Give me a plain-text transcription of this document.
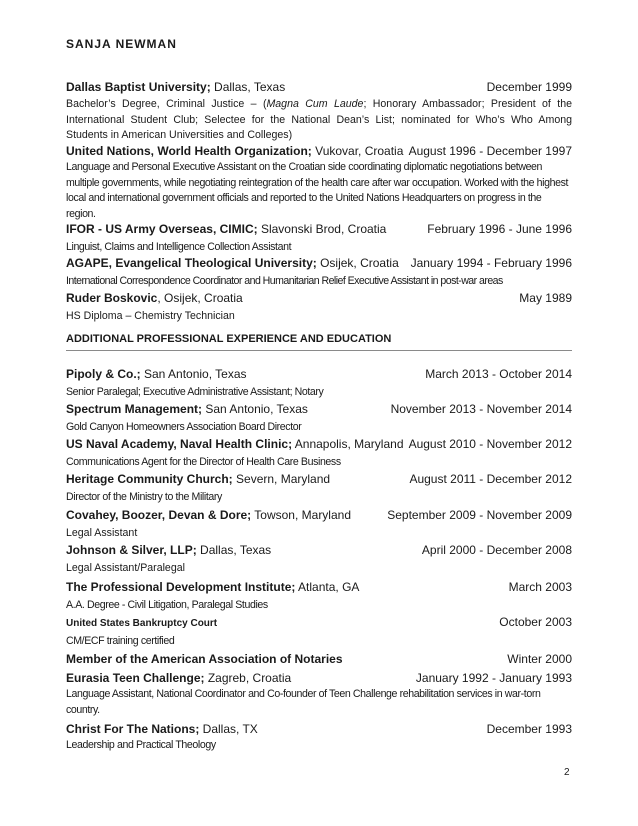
SANJA NEWMAN
Dallas Baptist University; Dallas, Texas	December 1999
Bachelor’s Degree, Criminal Justice – (Magna Cum Laude; Honorary Ambassador; President of the International Student Club; Selectee for the National Dean’s List; nominated for Who’s Who Among Students in American Universities and Colleges)
United Nations, World Health Organization; Vukovar, Croatia August 1996 - December 1997
Language and Personal Executive Assistant on the Croatian side coordinating diplomatic negotiations between multiple governments, while negotiating reintegration of the health care after war occupation. Worked with the highest local and international government officials and reported to the United Nations Headquarters on progress in the region.
IFOR - US Army Overseas, CIMIC; Slavonski Brod, Croatia	February 1996 - June 1996
Linguist, Claims and Intelligence Collection Assistant
AGAPE, Evangelical Theological University; Osijek, Croatia January 1994 - February 1996
International Correspondence Coordinator and Humanitarian Relief Executive Assistant in post-war areas
Ruder Boskovic, Osijek, Croatia	May 1989
HS Diploma – Chemistry Technician
ADDITIONAL PROFESSIONAL EXPERIENCE AND EDUCATION
Pipoly & Co.; San Antonio, Texas	March 2013 - October 2014
Senior Paralegal; Executive Administrative Assistant; Notary
Spectrum Management; San Antonio, Texas	November 2013 - November 2014
Gold Canyon Homeowners Association Board Director
US Naval Academy, Naval Health Clinic; Annapolis, Maryland August 2010 - November 2012
Communications Agent for the Director of Health Care Business
Heritage Community Church; Severn, Maryland	August 2011 - December 2012
Director of the Ministry to the Military
Covahey, Boozer, Devan & Dore; Towson, Maryland	September 2009 - November 2009
Legal Assistant
Johnson & Silver, LLP; Dallas, Texas	April 2000 - December 2008
Legal Assistant/Paralegal
The Professional Development Institute; Atlanta, GA	March 2003
A.A. Degree - Civil Litigation, Paralegal Studies
United States Bankruptcy Court	October 2003
CM/ECF training certified
Member of the American Association of Notaries	Winter 2000
Eurasia Teen Challenge; Zagreb, Croatia	January 1992 - January 1993
Language Assistant, National Coordinator and Co-founder of Teen Challenge rehabilitation services in war-torn country.
Christ For The Nations; Dallas, TX	December 1993
Leadership and Practical Theology
2
